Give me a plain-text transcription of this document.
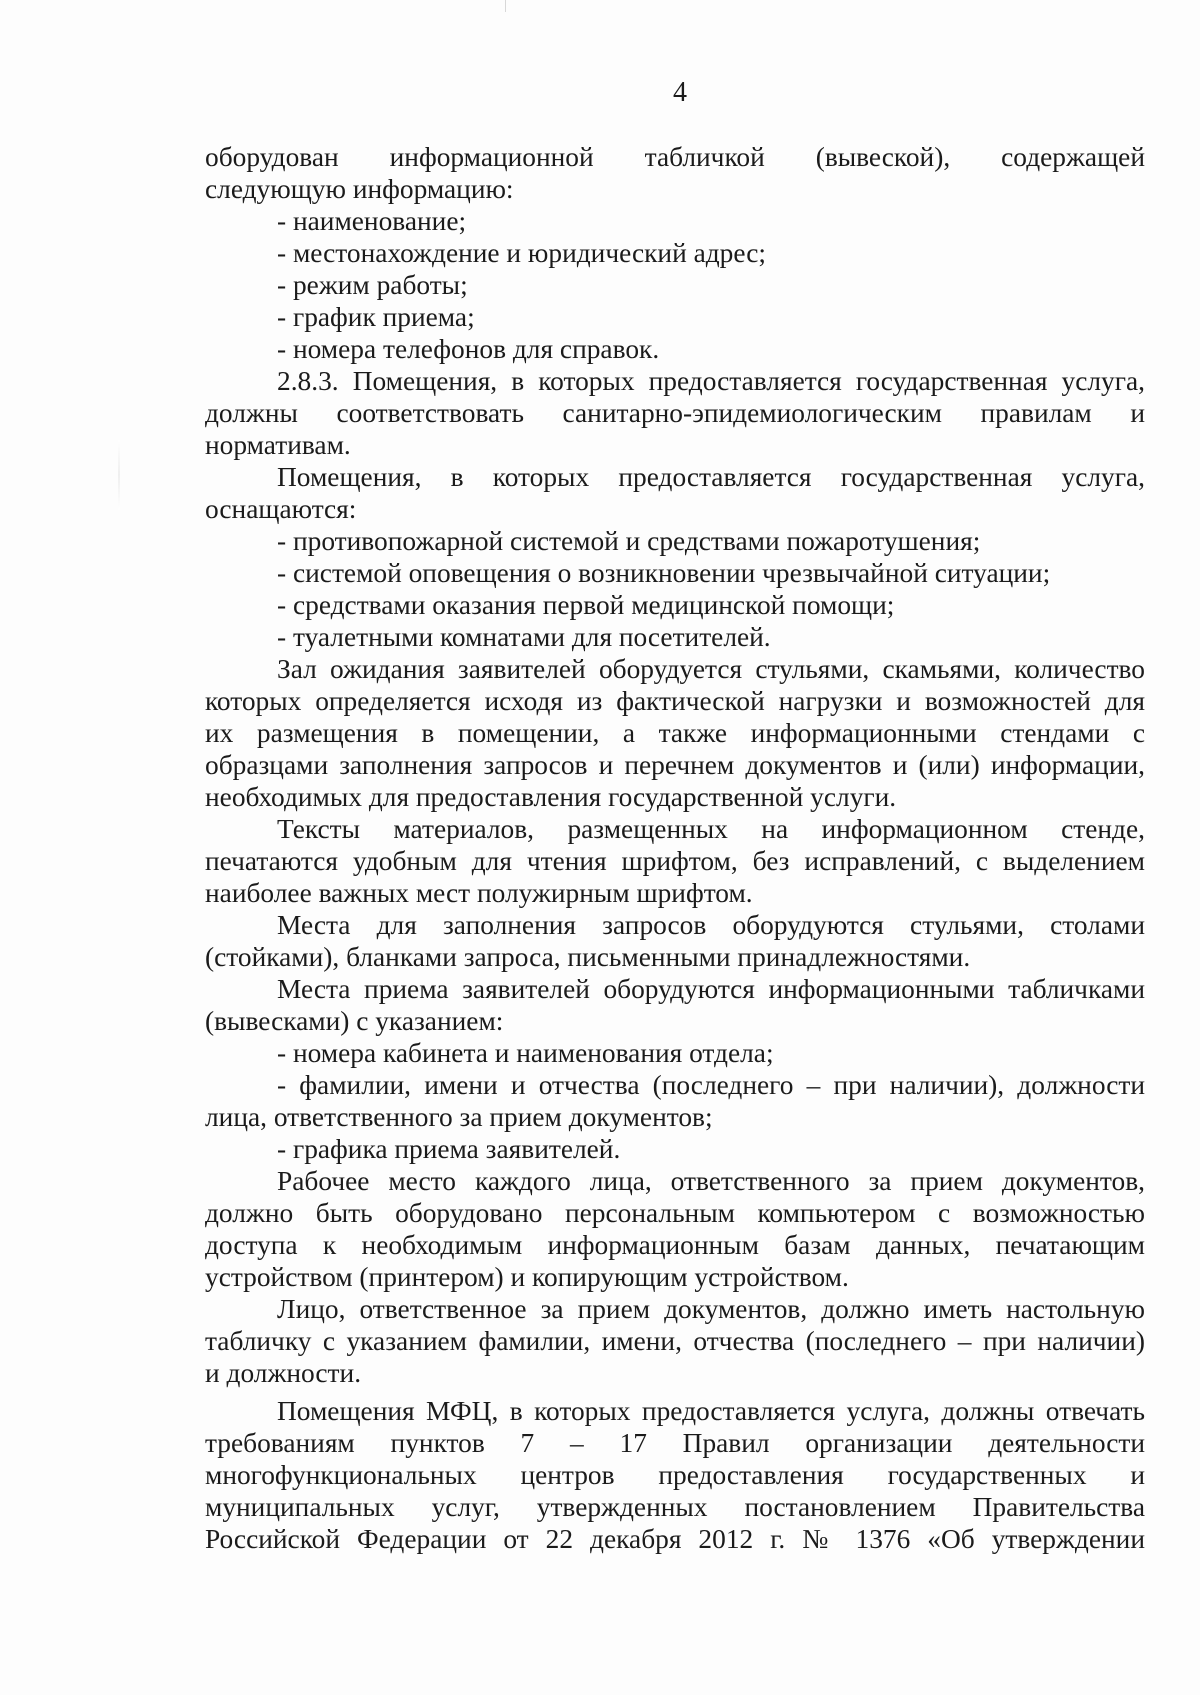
4

оборудован информационной табличкой (вывеской), содержащей

следующую информацию:

- наименование;

- местонахождение и юридический адрес;

- режим работы;

- график приема;

- номера телефонов для справок.

2.8.3. Помещения, в которых предоставляется государственная услуга,

должны соответствовать санитарно-эпидемиологическим правилам и

нормативам.

Помещения, в которых предоставляется государственная услуга,

оснащаются:

- противопожарной системой и средствами пожаротушения;

- системой оповещения о возникновении чрезвычайной ситуации;

- средствами оказания первой медицинской помощи;

- туалетными комнатами для посетителей.

Зал ожидания заявителей оборудуется стульями, скамьями, количество

которых определяется исходя из фактической нагрузки и возможностей для

их размещения в помещении, а также информационными стендами с

образцами заполнения запросов и перечнем документов и (или) информации,

необходимых для предоставления государственной услуги.

Тексты материалов, размещенных на информационном стенде,

печатаются удобным для чтения шрифтом, без исправлений, с выделением

наиболее важных мест полужирным шрифтом.

Места для заполнения запросов оборудуются стульями, столами

(стойками), бланками запроса, письменными принадлежностями.

Места приема заявителей оборудуются информационными табличками

(вывесками) с указанием:

- номера кабинета и наименования отдела;

- фамилии, имени и отчества (последнего – при наличии), должности

лица, ответственного за прием документов;

- графика приема заявителей.

Рабочее место каждого лица, ответственного за прием документов,

должно быть оборудовано персональным компьютером с возможностью

доступа к необходимым информационным базам данных, печатающим

устройством (принтером) и копирующим устройством.

Лицо, ответственное за прием документов, должно иметь настольную

табличку с указанием фамилии, имени, отчества (последнего – при наличии)

и должности.

Помещения МФЦ, в которых предоставляется услуга, должны отвечать

требованиям пунктов 7 – 17 Правил организации деятельности

многофункциональных центров предоставления государственных и

муниципальных услуг, утвержденных постановлением Правительства

Российской Федерации от 22 декабря 2012 г. № 1376 «Об утверждении
